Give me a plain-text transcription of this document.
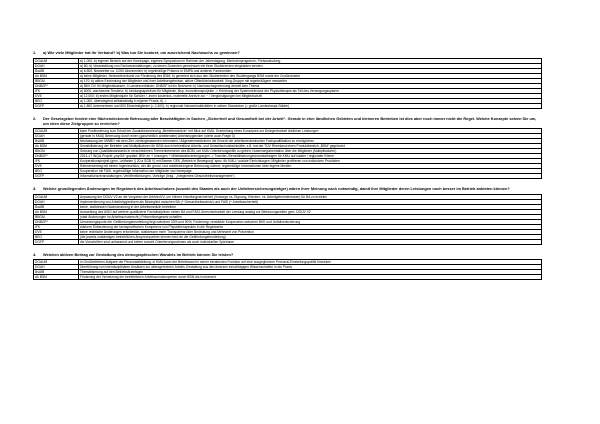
1.	a) Wie viele Mitglieder hat Ihr Verband? b) Was tun Sie konkret, um ausreichend Nachwuchs zu gewinnen?
DGAUM	a) 1.000; b) eigener Bereich auf der Homepage, eigenes Symposium im Rahmen der Jahrestagung, Mentorenprogramm, Preisausludung
DGAH	a) 80; b) Veranstaltung von Fachveranstaltungen, zu denen Dozenten gemeinsam mit ihren Studierenden eingeladen werden
BsAfB	a) 6.500, Newsletter ca. 3.000 Abonnenten; b) regelmäßige Präsenz in EMPA und anderen Fachmedien
Ak BSM	a) keine Mitglieder, Netzwerkverbund zur Förderung des BSM; b) generiert sich aus den Studierenden des Studiengangs BSM sowie der Großindustrie
BBGM	a) 170; b) aktive Einbindung der Mitglieder und ihrer Arbeitsergebnisse, aktive Öffentlichkeitsarbeit; Xing-Gruppe mit regelmäßigem newsletter
DNBGF*	a) BKK DV 94 Mitgliedskassen, 4 Landesverbände; DNBGF ist ein Netzwerk; b) Nachwuchsgewinnung derzeit kein Thema
IFK	a) 6000, wachsende Tendenz; b) Leistungsspektrum für Mitglieder, Bsp. Innovationsprojekte -> Erhöhung der Systemrelevanz der Physiotherapie als Teil des Versorgungssystem
DVE	a) 12.000; b) erstes Mitgliedsjahr für Schüler / -innen kostenlos, materielle Anreize zur ~ / Vergünstigungen bei Mitgliedschaft
BEO	a) 1.000, überwiegend selbstständig in eigener Praxis; b) ./.
DGFP	a) 1.800 Unternehmen und 600 Einzelmitglieder (≈ 2.400); b) regionale Netzwerkaktivitäten in sieben Standorten (≈ große Landeshaupt-Städte)
2.	Der Gesetzgeber fordert eine flächendeckende Betreuung aller Beschäftigten in Sachen „Sicherheit und Gesundheit bei der Arbeit“. Gerade in eher ländlichen Gebieten und kleineren Betrieben ist dies aber noch immer nicht die Regel. Welche Konzepte setzen Sie um, um eben diese Zielgruppen zu erreichen?
DGAUM	klare Positionierung zum Erhalt der Zusatzbezeichnung „Betriebsmedizin“ mit Blick auf KMU; Erarbeitung eines Konzeptes zur Delegierbarkeit ärztlicher Leistungen
DGAH	(gerade in KMU) Betreuung durch einen (ganzheitlich arbeitenden) Arbeitshygieniker (siehe auch Frage 3)
BsAfB	Neufassung der MWBO mit dem Ziel, niedergelassenen Internisten / Allgemeinmedizinern die Erwerb der arbeitsmedizinischen Fachqualifikation zu ermöglichen
Ak BSM	Sensibilisierung der Betriebe und Multiplikatoren für BSM durch betriebliche Arbeits- und Umweltschutzfachkräfte; z.B. hat der TÜV Rheinland einen Produktbereich „BSM“ gegründet
BBGM	Setzung von Qualitätsstandards in verschiedenen Themenbereichen des BGM, um KMU Orientierungshilfe zu geben; Nutzenargumentation über die Mitglieder (Multiplikatoren)
DNBGF*	2014-17 INQA-Projekt „psyGA“ geplant: BKK en + Innungen + Mittelstandsvereinigungen -> Transfer-/Sensibilisierungsveranstaltungen für KMU auf lokaler / regionaler Ebene
IFK	Kooperationsprojekt (gem. Leitfaden § 20 a SGB V) mit Barmer GEK „Betrieb in Bewegung“ spez. für KMU / soziale Einrichtungen; Mitglieder profitieren von exklusiven Produkten
DVE	Rahmenvertrag mit einem Ingenieurbüro, der die grund- und arbeitsbezogene Betreuung sichert; regelmäßige Informationen über eigene Medien
BEO	Kooperation mit FASi, regelmäßige Information der Mitglieder via Homepage
DGFP	Informationsveranstaltungen, Veröffentlichungen, Vorträge (Insg.: „Integriertes Gesundheitsmanagement“)
3.	Welche grundlegenden Änderungen im Regelwerk des Arbeitsschutzes (sowohl des Staates als auch der Unfallversicherungsträger) wären Ihrer Meinung nach notwendig, damit Ihre Mitglieder deren Leistungen noch besser im Betrieb anbieten können?
DGAUM	Anpassung der DGUV V2 an die Vorgaben der ArbMedVV, um höhere Handlungssicherheit (Vorsorge vs. Eignung, Klienten- vs. Arbeitgeberinteressen) für BA zu erzielen
DGAH	Implementierung von Arbeitshygienikern als Bindeglied zwischen BA (+ Gesundheitsschutz) und FASi (+ Arbeitssicherheit)
BsAfB	keine, stattdessen Nachsteuerung in der Arbeitsmedizin betreiben
Ak BSM	Ausweitung des ASiG auf weitere qualifizierte Fachdisziplinen neben BA und FASi; Anrechenbarkeit der Leistung analog zur Betreuungszeiten gem. DGUV V2
BBGM	(statt Änderungen im Arbeitsschutzrecht:) Präventionsgesetz schaffen
DNBGF*	Umsetzungsquote der Gefährdungsbeurteilung liegt zwischen 33% und 50%; Forderung: verstärkte Kooperation zwischen BKK und Unfallversicherung
IFK	stärkere Einbeziehung der fachspezifischen Kompetenz von Physiotherapeuten in die Regelwerke
DVE	keine rechtliche Änderungen erforderlich, stattdessen mehr Transparenz über Bedeutung und Mehrwert von Prävention
BEO	(die jeweils zuständigen betrieblichen Ansprechpartner kennen fast nie die Gefährdungsbeurteilung)
DGFP	die Vorschriften sind umfassend und bieten sowohl Orientierungsrahmen als auch individuellen Spielraum
4.	Welchen aktiven Beitrag zur Gestaltung des demographischen Wandels im Betrieb können Sie leisten?
DGAUM	in Großbetrieben Aufgabe der Personalabteilung, in KMU kann der Betriebsarzt in seiner beratenden Funktion auf eine ausgeglichene Personal-Einstellungspolitik hinwirken
DGAH	Überführung von interdisziplinären Ansätzen zur altersgerechten Arbeits-Gestaltung aus den diversen einschlägigen Wissenschaften in die Praxis
BsAfB	Thematisierung auf den Betriebsärztetagen
Ak BSM	Förderung der Vernetzung der betrieblichen Arbeitsschutzexperten durch BSM als Instrument
